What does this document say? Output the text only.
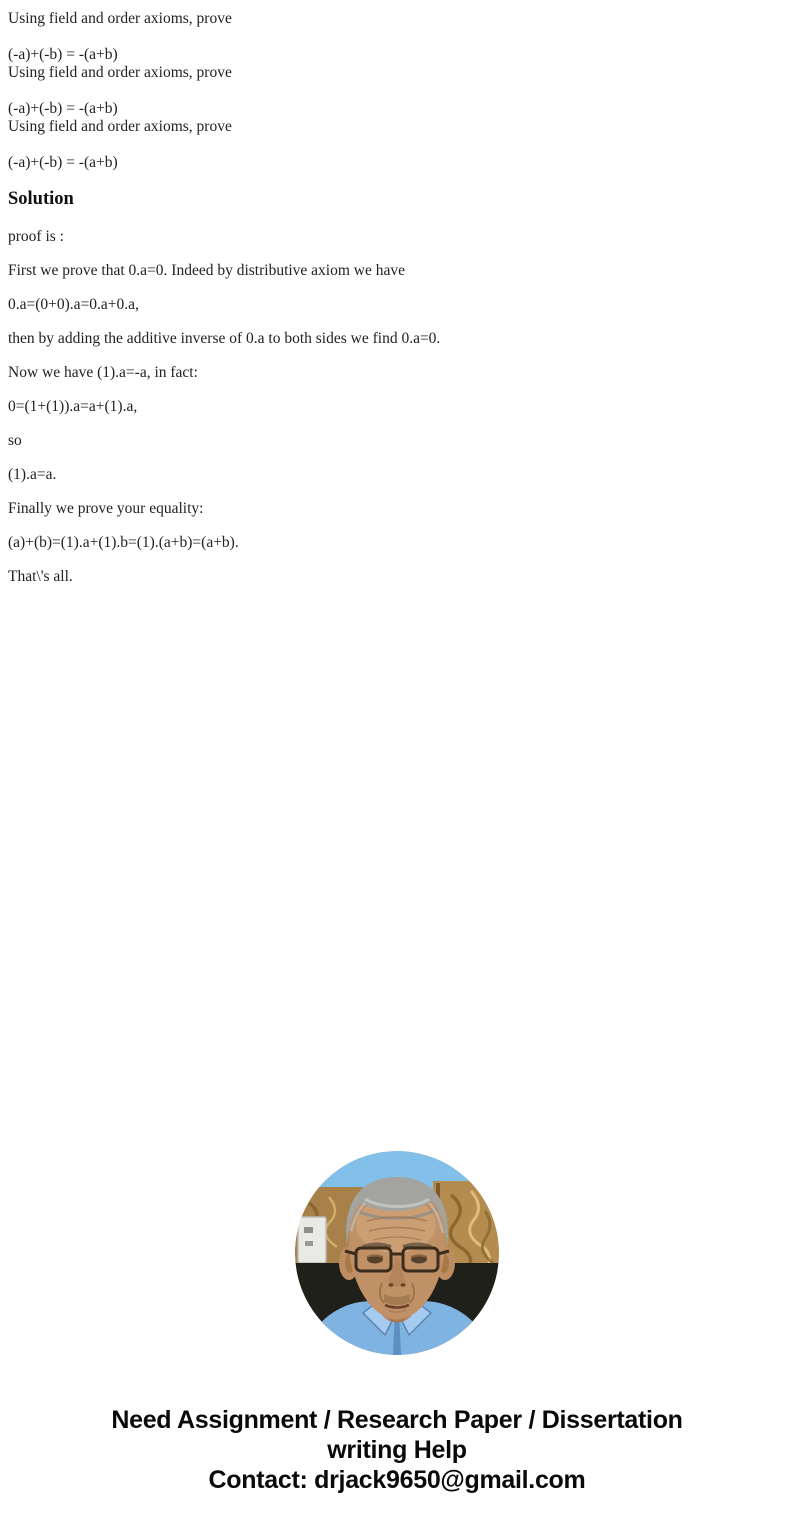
Using field and order axioms, prove

(-a)+(-b) = -(a+b)
Using field and order axioms, prove

(-a)+(-b) = -(a+b)
Using field and order axioms, prove

(-a)+(-b) = -(a+b)

Solution

proof is :

First we prove that 0.a=0. Indeed by distributive axiom we have

0.a=(0+0).a=0.a+0.a,

then by adding the additive inverse of 0.a to both sides we find 0.a=0.

Now we have (1).a=-a, in fact:

0=(1+(1)).a=a+(1).a,

so

(1).a=a.

Finally we prove your equality:

(a)+(b)=(1).a+(1).b=(1).(a+b)=(a+b).

That\'s all.

Need Assignment / Research Paper / Dissertation
writing Help
Contact: drjack9650@gmail.com
